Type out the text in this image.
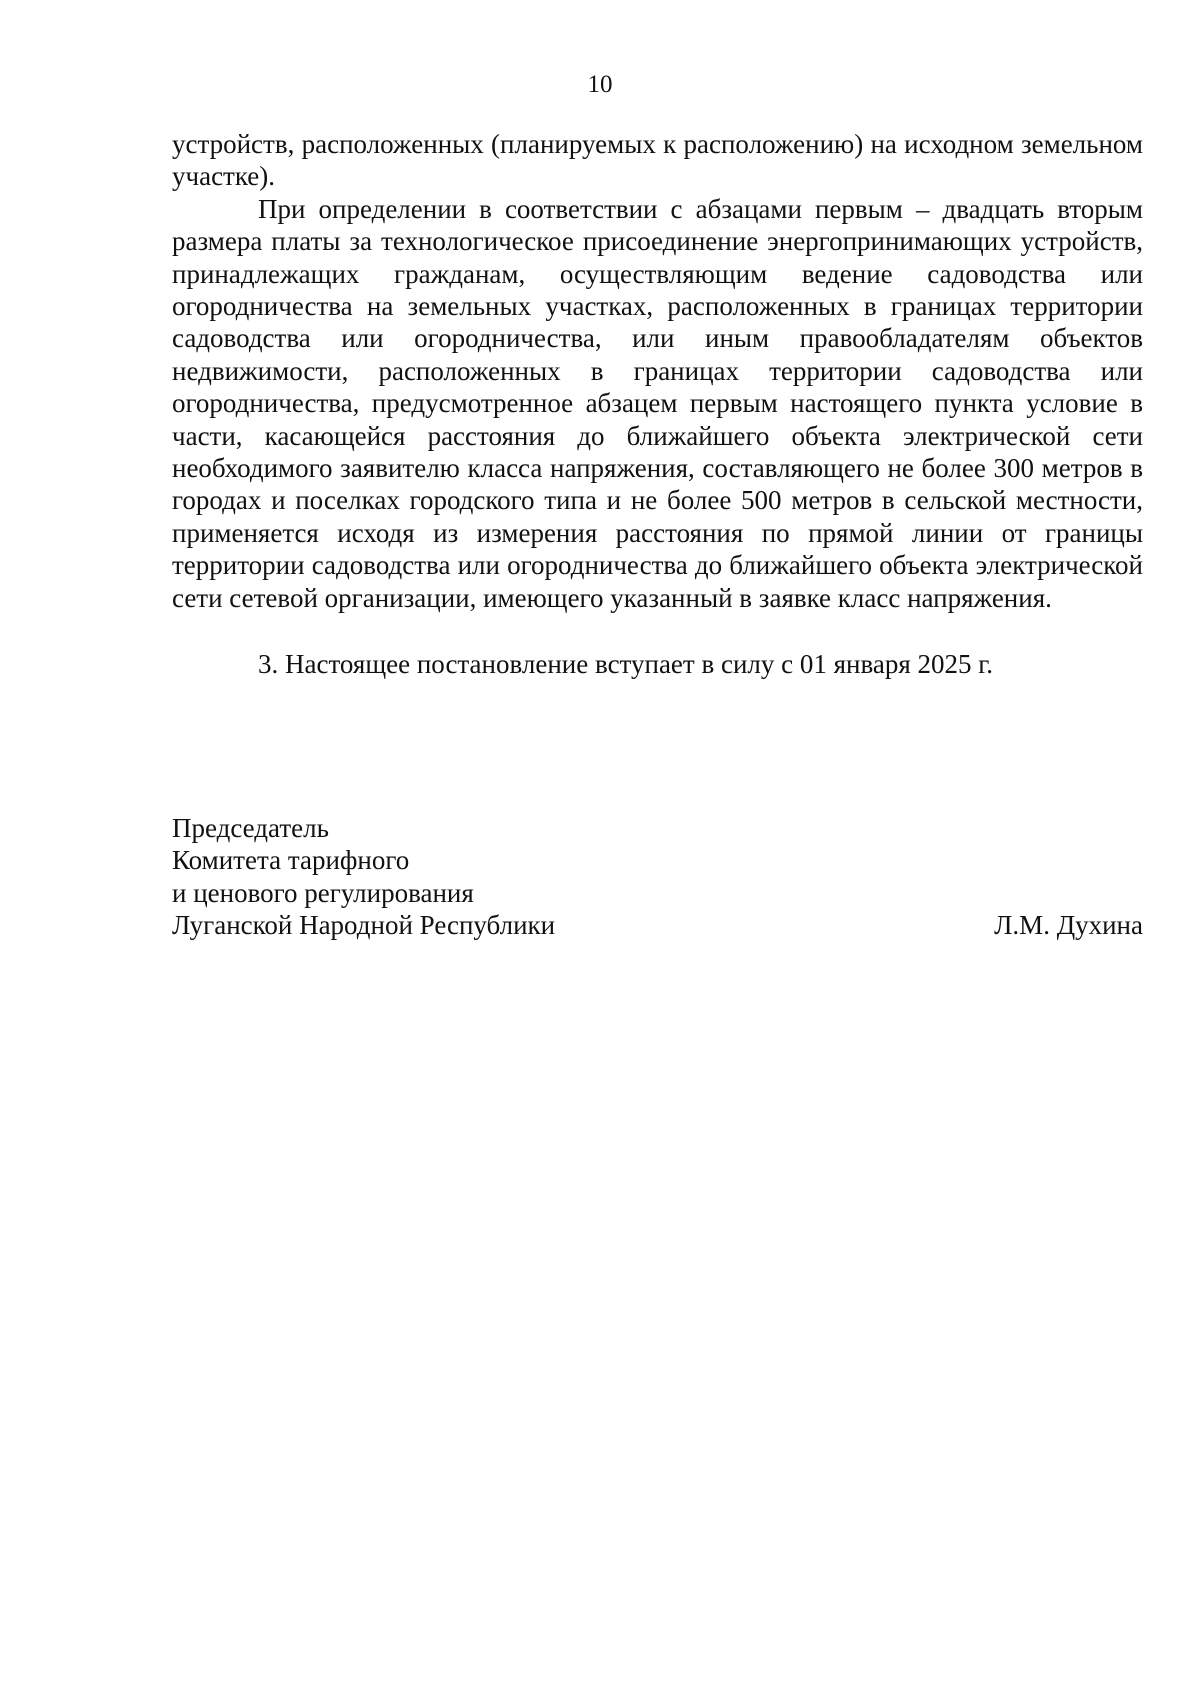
10

устройств, расположенных (планируемых к расположению) на исходном земельном участке).

При определении в соответствии с абзацами первым – двадцать вторым размера платы за технологическое присоединение энергопринимающих устройств, принадлежащих гражданам, осуществляющим ведение садоводства или огородничества на земельных участках, расположенных в границах территории садоводства или огородничества, или иным правообладателям объектов недвижимости, расположенных в границах территории садоводства или огородничества, предусмотренное абзацем первым настоящего пункта условие в части, касающейся расстояния до ближайшего объекта электрической сети необходимого заявителю класса напряжения, составляющего не более 300 метров в городах и поселках городского типа и не более 500 метров в сельской местности, применяется исходя из измерения расстояния по прямой линии от границы территории садоводства или огородничества до ближайшего объекта электрической сети сетевой организации, имеющего указанный в заявке класс напряжения.

3. Настоящее постановление вступает в силу с 01 января 2025 г.

Председатель
Комитета тарифного
и ценового регулирования
Луганской Народной Республики	Л.М. Духина
